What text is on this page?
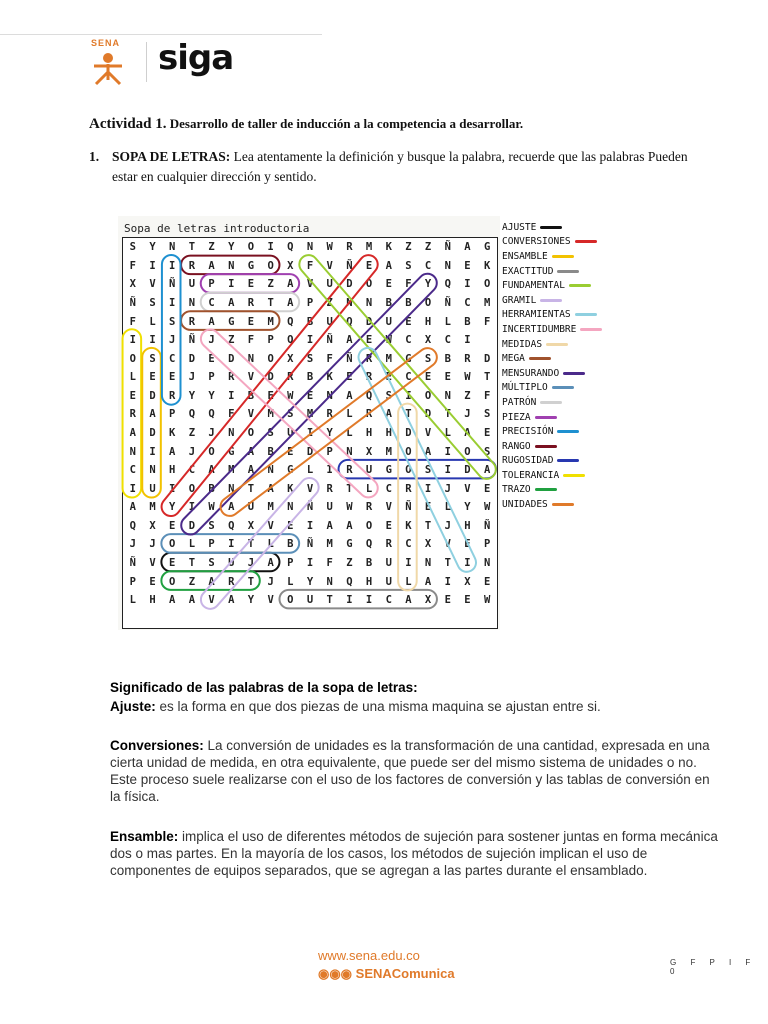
SENA siga
Actividad 1. Desarrollo de taller de inducción a la competencia a desarrollar.
1. SOPA DE LETRAS: Lea atentamente la definición y busque la palabra, recuerde que las palabras Pueden estar en cualquier dirección y sentido.
Sopa de letras introductoria
S	Y	N	T	Z	Y	O	I	Q	N	W	R	M	K	Z	Z	Ñ	A	G
F	I	I	R	A	N	G	O	X	F	V	Ñ	E	A	S	C	N	E	K
X	V	Ñ	U	P	I	E	Z	A	V	U	D	O	E	F	Y	Q	I	O
Ñ	S	I	N	C	A	R	T	A	P	Z	N	N	B	B	O	Ñ	C	M
F	L	S	R	A	G	E	M	Q	B	U	Q	D	U	E	H	L	B	F
I	I	J	Ñ	J	Z	F	P	Q	I	Ñ	A	E	W	C	X	C	I
O	S	C	D	E	D	N	O	X	S	F	Ñ	R	M	G	S	B	R	D
L	E	E	J	P	R	V	D	R	B	K	E	R	E	C	E	E	W	T
E	D	R	Y	Y	I	B	E	W	E	N	A	Q	S	I	O	N	Z	F
R	A	P	Q	Q	F	V	M	S	M	R	L	R	A	T	D	T	J	S
A	D	K	Z	J	N	O	S	U	I	Y	L	H	H	D	V	L	A	E
N	I	A	J	O	G	A	B	E	D	P	N	X	M	O	A	I	O	S
C	N	H	C	A	M	A	N	G	L	I	R	U	G	O	S	I	D	A
I	U	I	O	B	N	T	A	K	V	R	T	L	C	R	I	J	V	E
A	M	Y	I	W	A	U	M	N	Ñ	U	W	R	V	Ñ	E	L	Y	W
Q	X	E	D	S	Q	X	V	E	I	A	A	O	E	K	T	J	H	Ñ
J	J	O	L	P	I	T	L	B	Ñ	M	G	Q	R	C	X	V	E	P
Ñ	V	E	T	S	U	J	A	P	I	F	Z	B	U	I	N	T	I	N
P	E	O	Z	A	R	T	J	L	Y	N	Q	H	U	L	A	I	X	E
L	H	A	A	V	A	Y	V	O	U	T	I	I	C	A	X	E	E	W
AJUSTE
CONVERSIONES
ENSAMBLE
EXACTITUD
FUNDAMENTAL
GRAMIL
HERRAMIENTAS
INCERTIDUMBRE
MEDIDAS
MEGA
MENSURANDO
MÚLTIPLO
PATRÓN
PIEZA
PRECISIÓN
RANGO
RUGOSIDAD
TOLERANCIA
TRAZO
UNIDADES
Significado de las palabras de la sopa de letras:
Ajuste: es la forma en que dos piezas de una misma maquina se ajustan entre si.
Conversiones: La conversión de unidades es la transformación de una cantidad, expresada en una cierta unidad de medida, en otra equivalente, que puede ser del mismo sistema de unidades o no. Este proceso suele realizarse con el uso de los factores de conversión y las tablas de conversión en la física.
Ensamble: implica el uso de diferentes métodos de sujeción para sostener juntas en forma mecánica dos o mas partes. En la mayoría de los casos, los métodos de sujeción implican el uso de componentes de equipos separados, que se agregan a las partes durante el ensamblado.
www.sena.edu.co
◉◉◉ SENAComunica
G F P I F 0
